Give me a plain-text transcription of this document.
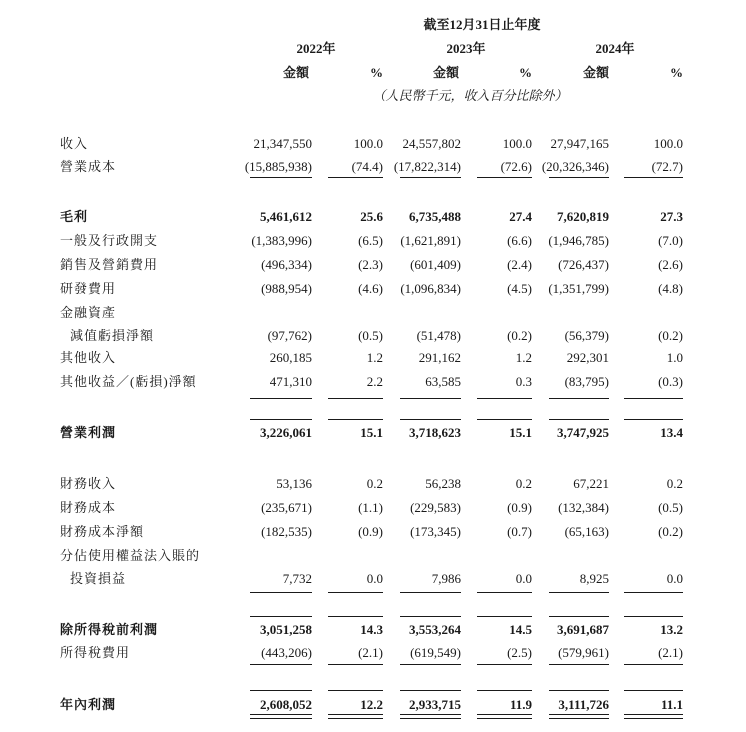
截至12月31日止年度
2022年	2023年	2024年
金額	%	金額	%	金額	%
（人民幣千元，收入百分比除外）
收入	21,347,550	100.0 24,557,802	100.0 27,947,165	100.0
營業成本	(15,885,938)	(74.4) (17,822,314)	(72.6) (20,326,346)	(72.7)
毛利	5,461,612	25.6 6,735,488	27.4 7,620,819	27.3
一般及行政開支	(1,383,996)	(6.5) (1,621,891)	(6.6) (1,946,785)	(7.0)
銷售及營銷費用	(496,334)	(2.3) (601,409)	(2.4) (726,437)	(2.6)
研發費用	(988,954)	(4.6) (1,096,834)	(4.5) (1,351,799)	(4.8)
金融資產
減值虧損淨額	(97,762)	(0.5)	(51,478)	(0.2)	(56,379)	(0.2)
其他收入	260,185	1.2	291,162	1.2	292,301	1.0
其他收益／(虧損)淨額	471,310	2.2	63,585	0.3	(83,795)	(0.3)
營業利潤	3,226,061	15.1 3,718,623	15.1 3,747,925	13.4
財務收入	53,136	0.2	56,238	0.2	67,221	0.2
財務成本	(235,671)	(1.1) (229,583)	(0.9) (132,384)	(0.5)
財務成本淨額	(182,535)	(0.9) (173,345)	(0.7)	(65,163)	(0.2)
分佔使用權益法入賬的
投資損益	7,732	0.0	7,986	0.0	8,925	0.0
除所得稅前利潤	3,051,258	14.3 3,553,264	14.5 3,691,687	13.2
所得稅費用	(443,206)	(2.1) (619,549)	(2.5) (579,961)	(2.1)
年內利潤	2,608,052	12.2 2,933,715	11.9 3,111,726	11.1
